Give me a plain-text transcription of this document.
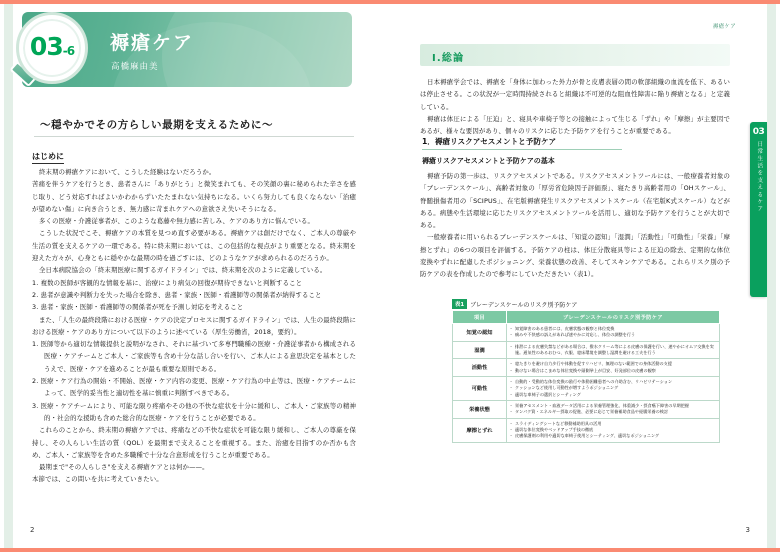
褥瘡ケア
高橋麻由美
03-6
〜穏やかでその方らしい最期を支えるために〜
はじめに

終末期の褥瘡ケアにおいて、こうした経験はないだろうか。

苦痛を伴うケアを行うとき、患者さんに「ありがとう」と微笑まれても、その笑顔の裏に秘められた辛さを感じ取り、どう対応すればよいかわからずいたたまれない気持ちになる。いくら努力しても良くならない「治癒が望めない傷」に向き合うとき、無力感に苛まれケアへの意欲さえ失いそうになる。

多くの医療・介護従事者が、このような葛藤や無力感に苦しみ、ケアのあり方に悩んでいる。

こうした状況でこそ、褥瘡ケアの本質を見つめ直す必要がある。褥瘡ケアは創だけでなく、ご本人の尊厳や生活の質を支えるケアの一環である。特に終末期においては、この包括的な視点がより重要となる。終末期を迎えた方々が、心身ともに穏やかな最期の時を過ごすには、どのようなケアが求められるのだろうか。

全日本病院協会の「終末期医療に関するガイドライン」では、終末期を次のように定義している。

1. 複数の医師が客観的な情報を基に、治療により病気の回復が期待できないと判断すること
2. 患者が意識や判断力を失った場合を除き、患者・家族・医師・看護師等の関係者が納得すること
3. 患者・家族・医師・看護師等の関係者が死を予測し対応を考えること

また、「人生の最終段階における医療・ケアの決定プロセスに関するガイドライン」では、人生の最終段階における医療・ケアのあり方について以下のように述べている（厚生労働省，2018，要約）。

1. 医師等から適切な情報提供と説明がなされ、それに基づいて多専門職種の医療・介護従事者から構成される医療・ケアチームとご本人・ご家族等も含め十分な話し合いを行い、ご本人による意思決定を基本としたうえで、医療・ケアを進めることが最も重要な原則である。
2. 医療・ケア行為の開始・不開始、医療・ケア内容の変更、医療・ケア行為の中止等は、医療・ケアチームによって、医学的妥当性と適切性を基に慎重に判断すべきである。
3. 医療・ケアチームにより、可能な限り疼痛やその他の不快な症状を十分に緩和し、ご本人・ご家族等の精神的・社会的な援助も含めた総合的な医療・ケアを行うことが必要である。

これらのことから、終末期の褥瘡ケアでは、疼痛などの不快な症状を可能な限り緩和し、ご本人の尊厳を保持し、その人らしい生活の質（QOL）を最期まで支えることを重視する。また、治癒を目指すのか否かも含め、ご本人・ご家族等を含めた多職種で十分な合意形成を行うことが重要である。

最期まで"その人らしさ"を支える褥瘡ケアとは何か——。

本節では、この問いを共に考えていきたい。

2
褥瘡ケア
Ⅰ.総論

日本褥瘡学会では、褥瘡を「身体に加わった外力が骨と皮膚表層の間の軟部組織の血流を低下、あるいは停止させる。この状況が一定時間持続されると組織は不可逆的な阻血性障害に陥り褥瘡となる」と定義している。

褥瘡は体圧による「圧迫」と、寝具や車椅子等との接触によって生じる「ずれ」や「摩擦」が主要因であるが、様々な要因があり、個々のリスクに応じた予防ケアを行うことが重要である。

1．褥瘡リスクアセスメントと予防ケア
褥瘡リスクアセスメントと予防ケアの基本

褥瘡予防の第一歩は、リスクアセスメントである。リスクアセスメントツールには、一般療養者対象の「ブレーデンスケール」、高齢者対象の「厚労省危険因子評価票」、寝たきり高齢者用の「OHスケール」、脊髄損傷者用の「SCIPUS」、在宅版褥瘡発生リスクアセスメントスケール（在宅版K式スケール）などがある。病態や生活環境に応じたリスクアセスメントツールを活用し、適切な予防ケアを行うことが大切である。

一般療養者に用いられるブレーデンスケールは、「知覚の認知」「湿潤」「活動性」「可動性」「栄養」「摩擦とずれ」の6つの項目を評価する。予防ケアの柱は、体圧分散寝具等による圧迫の除去、定期的な体位変換やずれに配慮したポジショニング、栄養状態の改善、そしてスキンケアである。これらリスク別の予防ケアの表を作成したので参考にしていただきたい（表1）。

03
日常生活を支えるケア
表1 ブレーデンスケールのリスク別予防ケア
項目	ブレーデンスケールのリスク別予防ケア
知覚の認知	
・ 知覚障害のある患者には、皮膚状態の観察と体位変換
・ 痛みや不快感の訴えがあれば速やかに対応し、体位の調整を行う

湿潤	
・ 排泄による皮膚失禁などがある場合は、撥水クリーム等による皮膚の保護を行い、速やかにオムツ交換を実施。通気性のあるおむつ、衣服、寝床環境を調整し湿潤を避ける工夫を行う

活動性	
・ 寝たきりを避け自力歩行や体動を促すリハビリ、無理のない範囲での身体活動の支援
・ 動けない場合はこまめな体位変換や頭側挙上が目安、好発部位の皮膚の観察

可動性	
・ 自動的・受動的な体位変換の励行や体動困難患者への介助含む、リハビリテーション
・ クッションなど使用し可動性が増すようポジショニング
・ 適切な車椅子の選択とシーティング

栄養状態	
・ 栄養アセスメント・血液データ活用による栄養管理強化、体重減少・摂食嚥下障害の早期把握
・ タンパク質・エネルギー摂取の促進、必要に応じて栄養補助食品や経腸栄養の検討

摩擦とずれ	
・ スライディングシートなど移動補助用具の活用
・ 適切な体位変換やベッドアップ手技の徹底
・ 皮膚保護剤の利用や適切な車椅子使用とシーティング、適切なポジショニング
3
